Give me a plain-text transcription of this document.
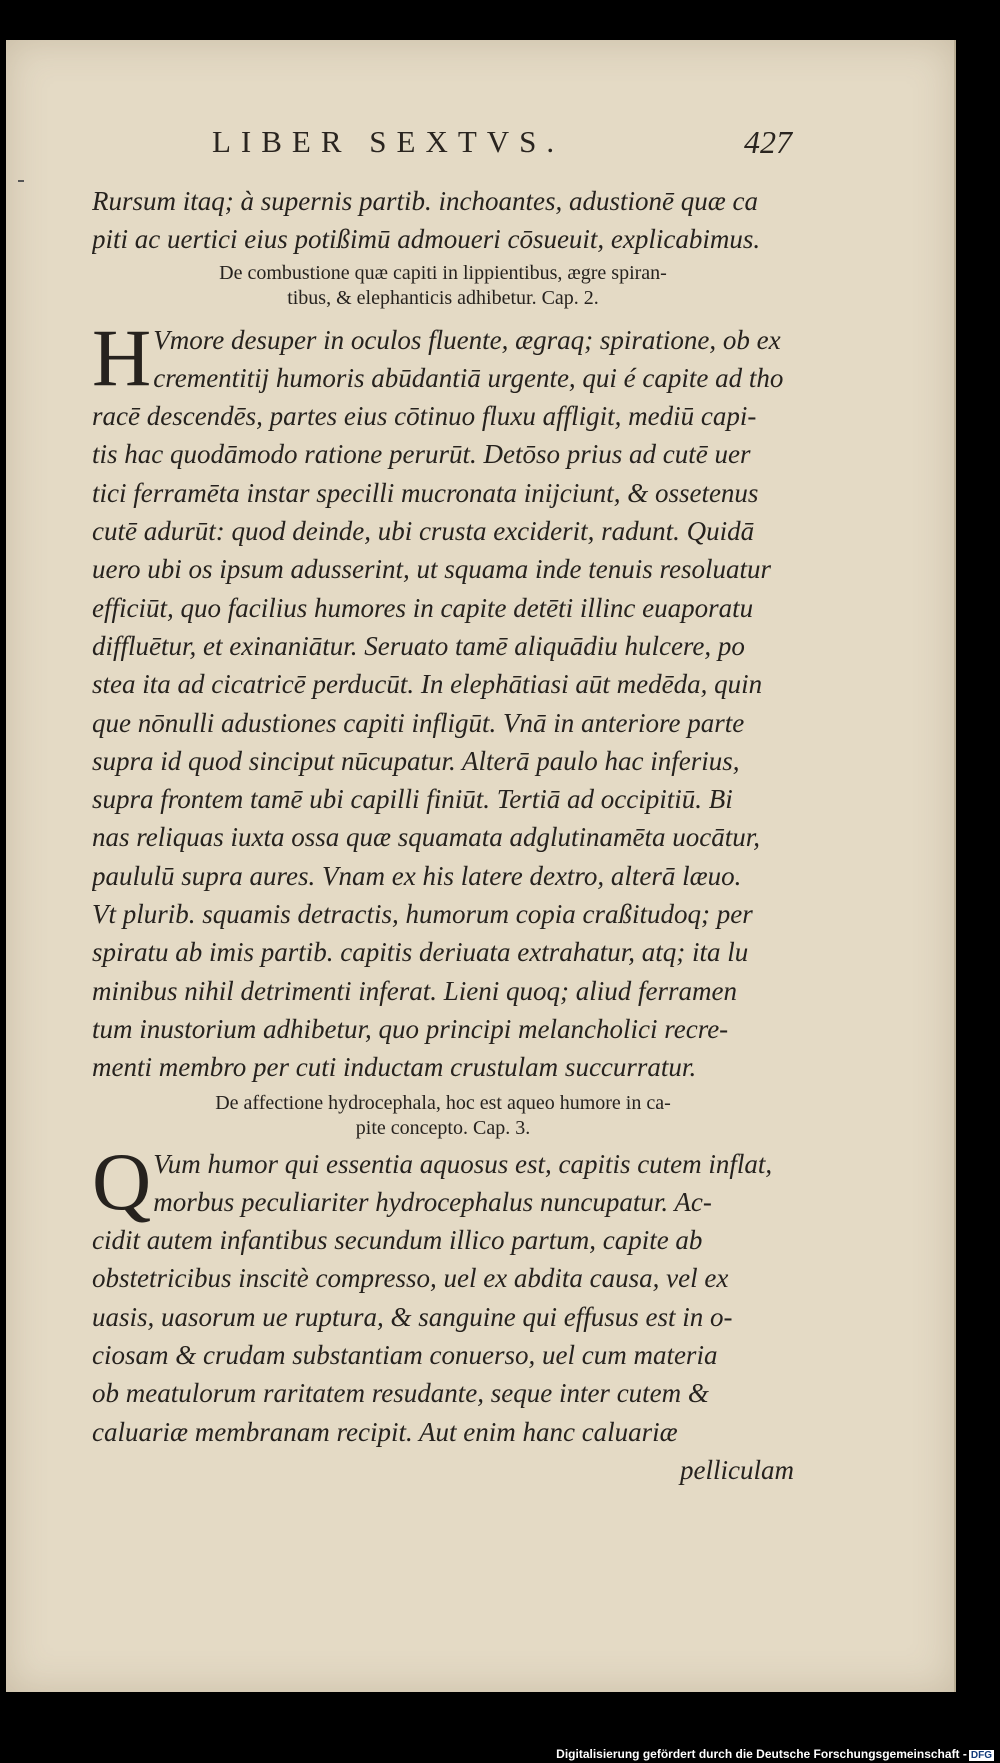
LIBER SEXTVS.	427
Rursum itaq; à supernis partib. inchoantes, adustionē quæ ca
piti ac uertici eius potißimū admoueri cōsueuit, explicabimus.
De combustione quæ capiti in lippientibus, ægre spiran-
tibus, & elephanticis adhibetur. Cap. 2.
H Vmore desuper in oculos fluente, ægraq; spiratione, ob ex
crementitij humoris abūdantiā urgente, qui é capite ad tho
racē descendēs, partes eius cōtinuo fluxu affligit, mediū capi-
tis hac quodāmodo ratione perurūt. Detōso prius ad cutē uer
tici ferramēta instar specilli mucronata inijciunt, & ossetenus
cutē adurūt: quod deinde, ubi crusta exciderit, radunt. Quidā
uero ubi os ipsum adusserint, ut squama inde tenuis resoluatur
efficiūt, quo facilius humores in capite detēti illinc euaporatu
diffluētur, et exinaniātur. Seruato tamē aliquādiu hulcere, po
stea ita ad cicatricē perducūt. In elephātiasi aūt medēda, quin
que nōnulli adustiones capiti infligūt. Vnā in anteriore parte
supra id quod sinciput nūcupatur. Alterā paulo hac inferius,
supra frontem tamē ubi capilli finiūt. Tertiā ad occipitiū. Bi
nas reliquas iuxta ossa quæ squamata adglutinamēta uocātur,
paululū supra aures. Vnam ex his latere dextro, alterā læuo.
Vt plurib. squamis detractis, humorum copia craßitudoq; per
spiratu ab imis partib. capitis deriuata extrahatur, atq; ita lu
minibus nihil detrimenti inferat. Lieni quoq; aliud ferramen
tum inustorium adhibetur, quo principi melancholici recre-
menti membro per cuti inductam crustulam succurratur.
De affectione hydrocephala, hoc est aqueo humore in ca-
pite concepto. Cap. 3.
Q Vum humor qui essentia aquosus est, capitis cutem inflat,
morbus peculiariter hydrocephalus nuncupatur. Ac-
cidit autem infantibus secundum illico partum, capite ab
obstetricibus inscitè compresso, uel ex abdita causa, vel ex
uasis, uasorum ue ruptura, & sanguine qui effusus est in o-
ciosam & crudam substantiam conuerso, uel cum materia
ob meatulorum raritatem resudante, seque inter cutem &
caluariæ membranam recipit. Aut enim hanc caluariæ
pelliculam
Digitalisierung gefördert durch die Deutsche Forschungsgemeinschaft - DFG
